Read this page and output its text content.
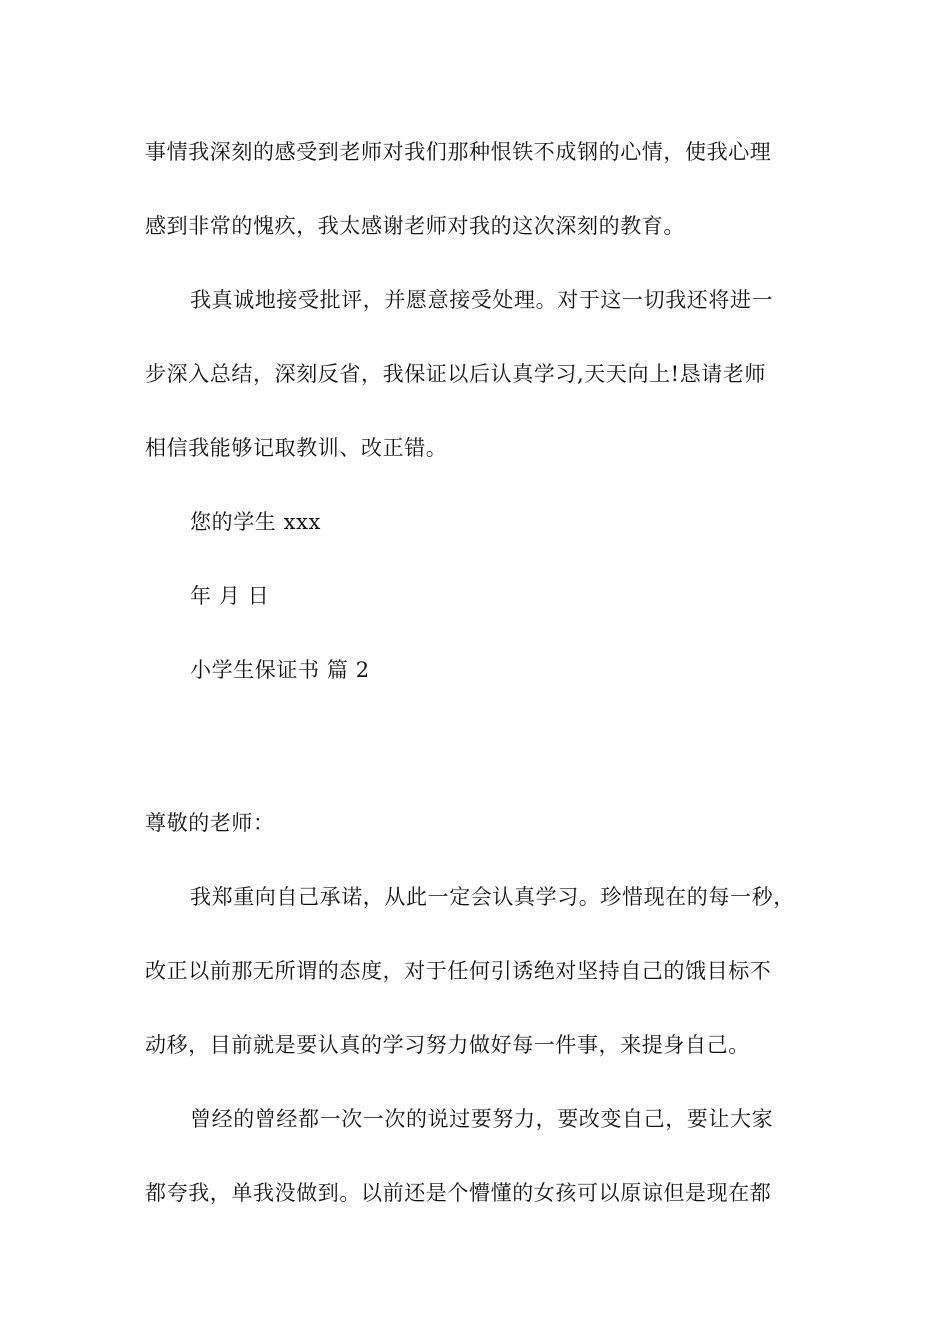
事情我深刻的感受到老师对我们那种恨铁不成钢的心情，使我心理
感到非常的愧疚，我太感谢老师对我的这次深刻的教育。
我真诚地接受批评，并愿意接受处理。对于这一切我还将进一
步深入总结，深刻反省，我保证以后认真学习,天天向上!恳请老师
相信我能够记取教训、改正错。
您的学生 xxx
年 月 日
小学生保证书 篇 2
尊敬的老师：
我郑重向自己承诺，从此一定会认真学习。珍惜现在的每一秒，
改正以前那无所谓的态度，对于任何引诱绝对坚持自己的饿目标不
动移，目前就是要认真的学习努力做好每一件事，来提身自己。
曾经的曾经都一次一次的说过要努力，要改变自己，要让大家
都夸我，单我没做到。以前还是个懵懂的女孩可以原谅但是现在都
